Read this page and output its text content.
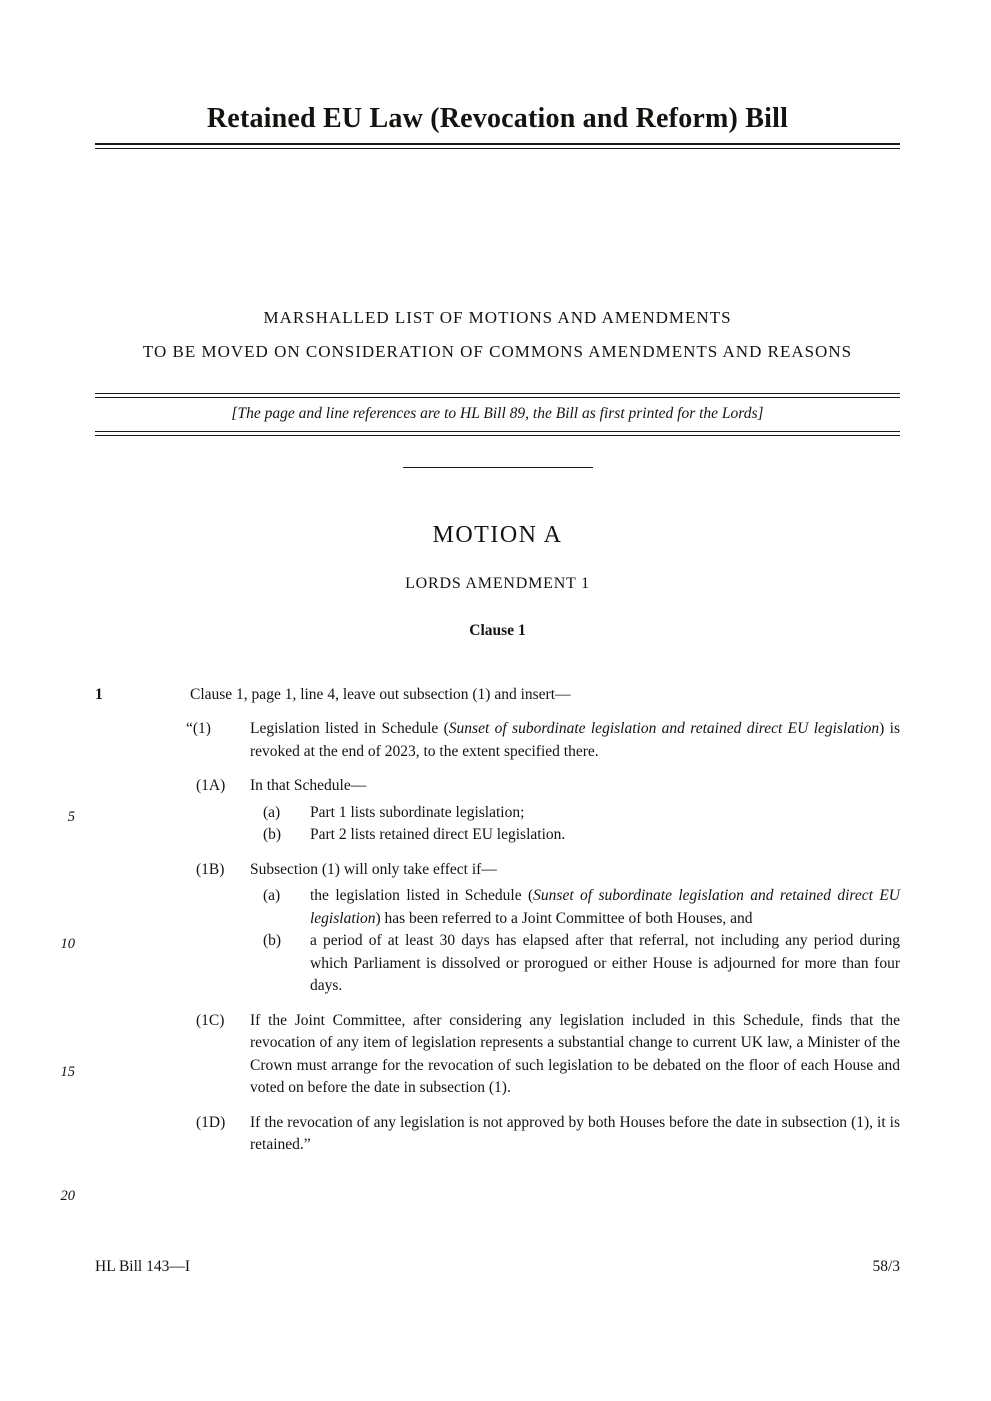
5
10
15
20
Retained EU Law (Revocation and Reform) Bill
MARSHALLED LIST OF MOTIONS AND AMENDMENTS
TO BE MOVED ON CONSIDERATION OF COMMONS AMENDMENTS AND REASONS
[The page and line references are to HL Bill 89, the Bill as first printed for the Lords]
MOTION A
LORDS AMENDMENT 1
Clause 1
1	Clause 1, page 1, line 4, leave out subsection (1) and insert—
“(1)	Legislation listed in Schedule (Sunset of subordinate legislation and retained direct EU legislation) is revoked at the end of 2023, to the extent specified there.
(1A)	In that Schedule—
(a)	Part 1 lists subordinate legislation;
(b)	Part 2 lists retained direct EU legislation.
(1B)	Subsection (1) will only take effect if—
(a)	the legislation listed in Schedule (Sunset of subordinate legislation and retained direct EU legislation) has been referred to a Joint Committee of both Houses, and
(b)	a period of at least 30 days has elapsed after that referral, not including any period during which Parliament is dissolved or prorogued or either House is adjourned for more than four days.
(1C)	If the Joint Committee, after considering any legislation included in this Schedule, finds that the revocation of any item of legislation represents a substantial change to current UK law, a Minister of the Crown must arrange for the revocation of such legislation to be debated on the floor of each House and voted on before the date in subsection (1).
(1D)	If the revocation of any legislation is not approved by both Houses before the date in subsection (1), it is retained.”
HL Bill 143—I	58/3
